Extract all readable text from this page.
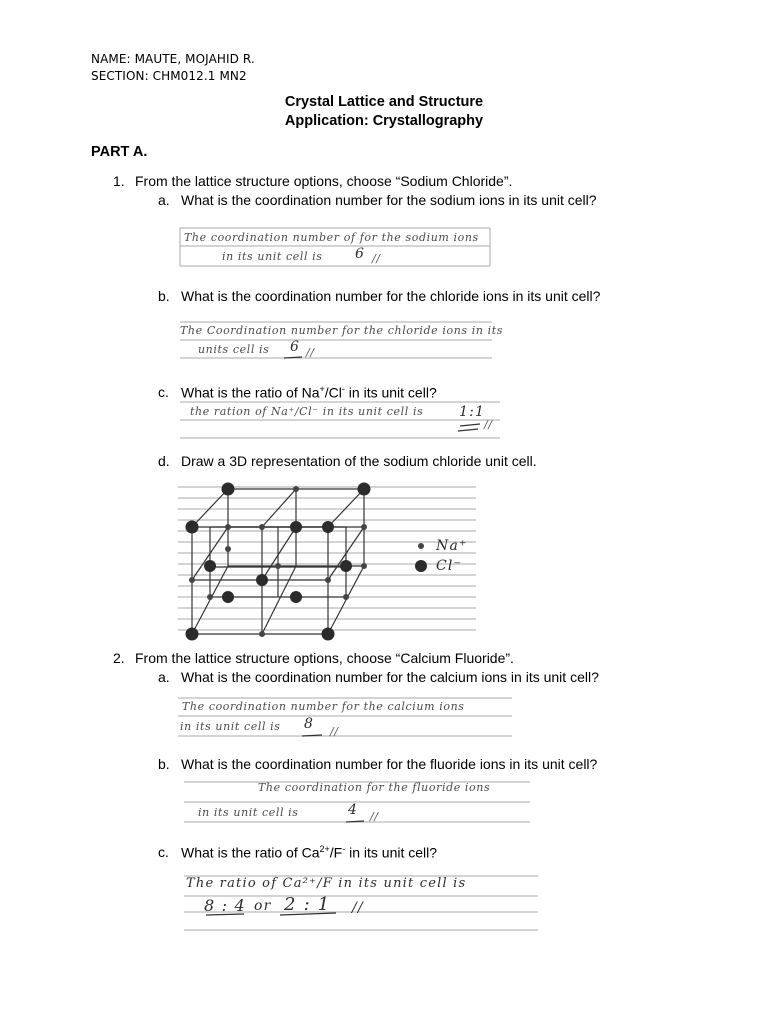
NAME: MAUTE, MOJAHID R.
SECTION: CHM012.1 MN2
Crystal Lattice and Structure
Application: Crystallography
PART A.
1. From the lattice structure options, choose “Sodium Chloride”.
a. What is the coordination number for the sodium ions in its unit cell?
The coordination number of for the sodium ions
in its unit cell is 6 //
b. What is the coordination number for the chloride ions in its unit cell?
The Coordination number for the chloride ions in its
units cell is 6 //
c. What is the ratio of Na+/Cl- in its unit cell?
the ration of Na⁺/Cl⁻ in its unit cell is	1:1
//
d. Draw a 3D representation of the sodium chloride unit cell.
Na⁺
Cl⁻
2. From the lattice structure options, choose “Calcium Fluoride”.
a. What is the coordination number for the calcium ions in its unit cell?
The coordination number for the calcium ions
in its unit cell is 8 //
b. What is the coordination number for the fluoride ions in its unit cell?
The coordination for the fluoride ions
in its unit cell is	4 //
c. What is the ratio of $Ca^{2+}/F^-$ in its unit cell?
The ratio of Ca²⁺/F in its unit cell is
8 : 4 or 2 : 1 //
